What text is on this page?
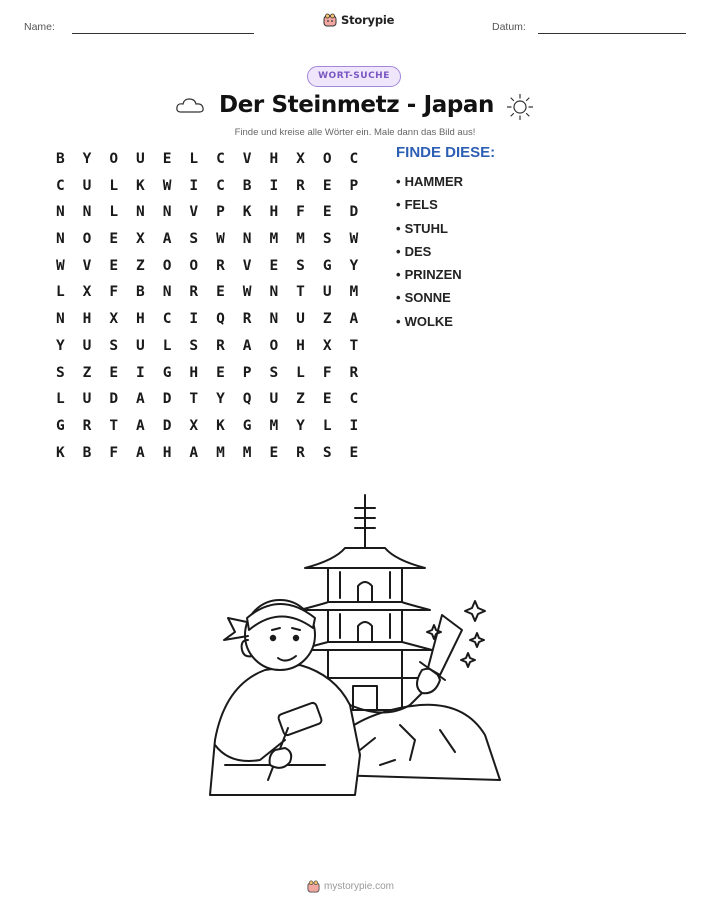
Name:	Storypie	Datum:
WORT-SUCHE
Der Steinmetz - Japan
Finde und kreise alle Wörter ein. Male dann das Bild aus!
B	Y	O	U	E	L	C	V	H	X	O	C
C	U	L	K	W	I	C	B	I	R	E	P
N	N	L	N	N	V	P	K	H	F	E	D
N	O	E	X	A	S	W	N	M	M	S	W
W	V	E	Z	O	O	R	V	E	S	G	Y
L	X	F	B	N	R	E	W	N	T	U	M
N	H	X	H	C	I	Q	R	N	U	Z	A
Y	U	S	U	L	S	R	A	O	H	X	T
S	Z	E	I	G	H	E	P	S	L	F	R
L	U	D	A	D	T	Y	Q	U	Z	E	C
G	R	T	A	D	X	K	G	M	Y	L	I
K	B	F	A	H	A	M	M	E	R	S	E
FINDE DIESE:
• HAMMER
• FELS
• STUHL
• DES
• PRINZEN
• SONNE
• WOLKE
mystorypie.com
